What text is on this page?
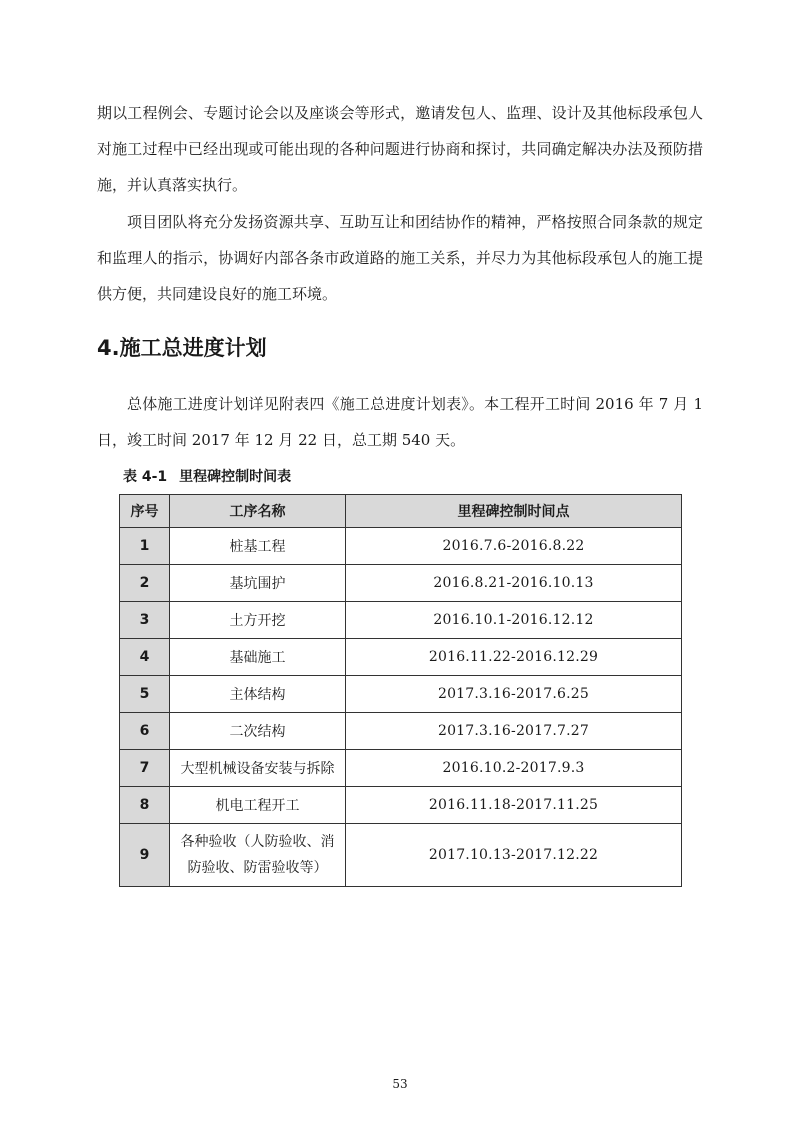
期以工程例会、专题讨论会以及座谈会等形式，邀请发包人、监理、设计及其他标段承包人对施工过程中已经出现或可能出现的各种问题进行协商和探讨，共同确定解决办法及预防措施，并认真落实执行。

项目团队将充分发扬资源共享、互助互让和团结协作的精神，严格按照合同条款的规定和监理人的指示，协调好内部各条市政道路的施工关系，并尽力为其他标段承包人的施工提供方便，共同建设良好的施工环境。

4.施工总进度计划

总体施工进度计划详见附表四《施工总进度计划表》。本工程开工时间 2016 年 7 月 1 日，竣工时间 2017 年 12 月 22 日，总工期 540 天。

表 4-1 里程碑控制时间表
序号	工序名称	里程碑控制时间点
1	桩基工程	2016.7.6-2016.8.22
2	基坑围护	2016.8.21-2016.10.13
3	土方开挖	2016.10.1-2016.12.12
4	基础施工	2016.11.22-2016.12.29
5	主体结构	2017.3.16-2017.6.25
6	二次结构	2017.3.16-2017.7.27
7	大型机械设备安装与拆除	2016.10.2-2017.9.3
8	机电工程开工	2016.11.18-2017.11.25
9	各种验收（人防验收、消防验收、防雷验收等）	2017.10.13-2017.12.22
53
